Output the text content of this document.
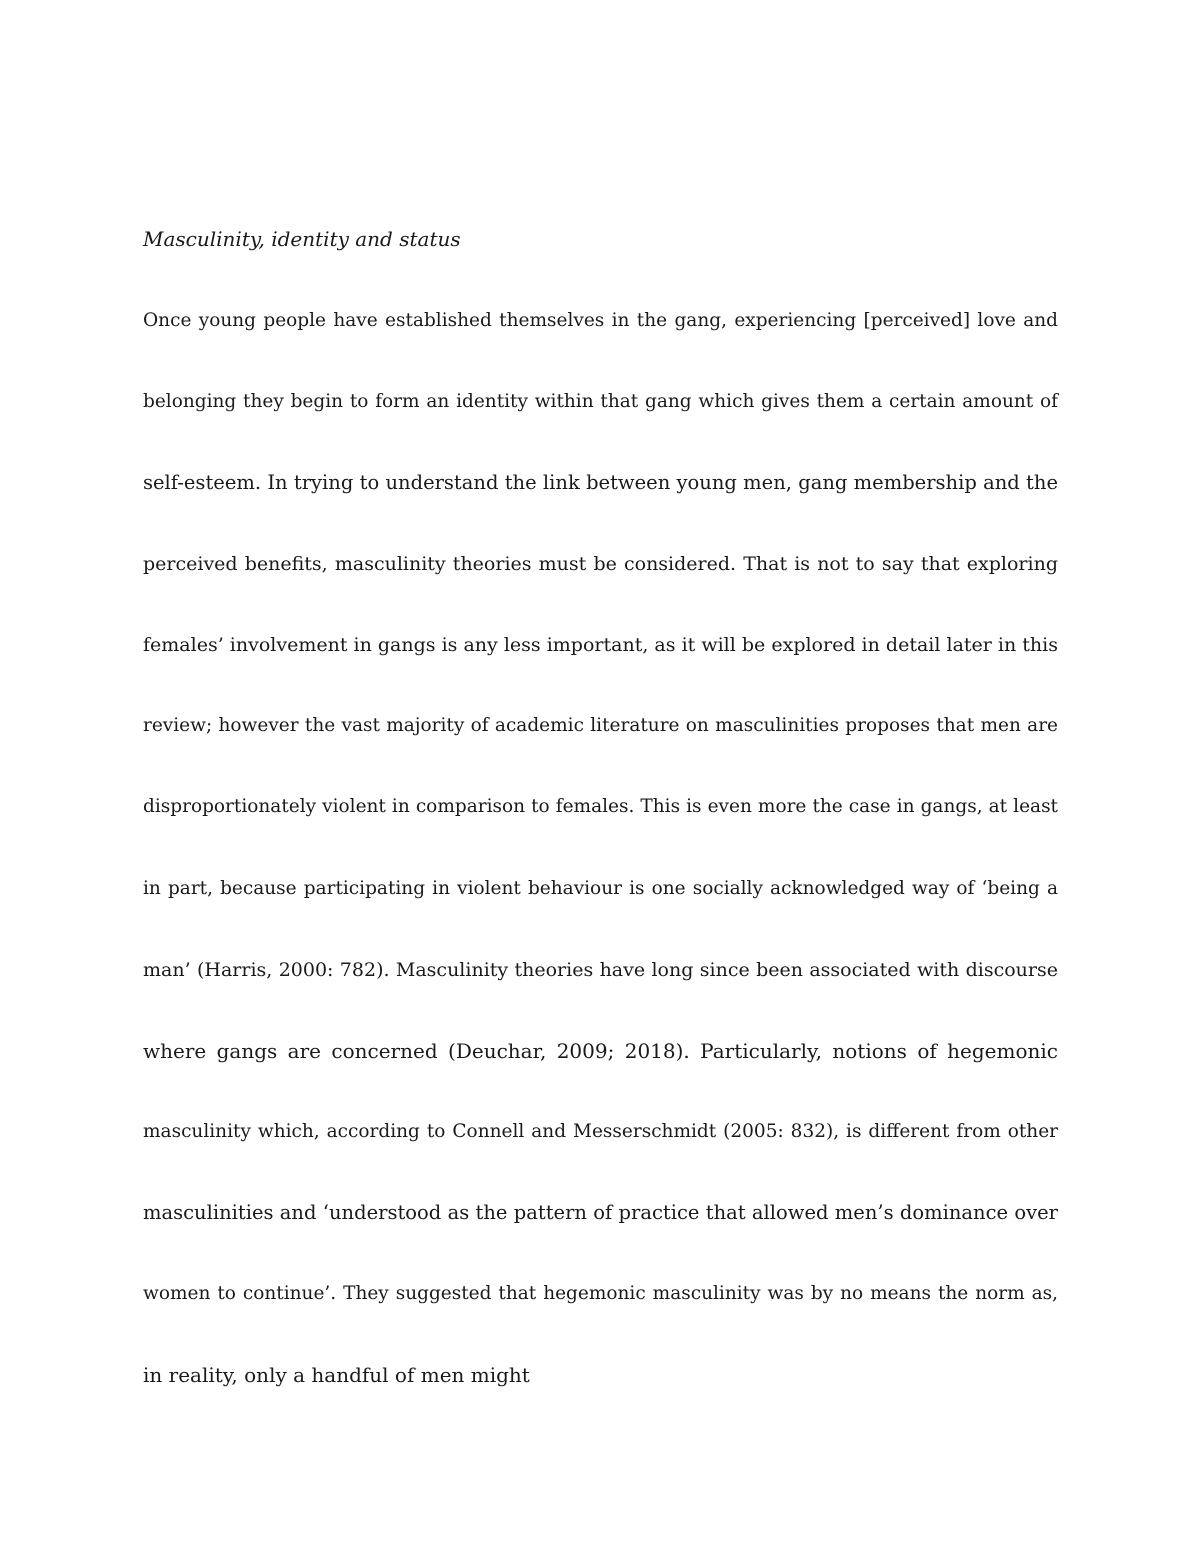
Masculinity, identity and status
Once young people have established themselves in the gang, experiencing [perceived] love and
belonging they begin to form an identity within that gang which gives them a certain amount of
self-esteem. In trying to understand the link between young men, gang membership and the
perceived benefits, masculinity theories must be considered. That is not to say that exploring
females’ involvement in gangs is any less important, as it will be explored in detail later in this
review; however the vast majority of academic literature on masculinities proposes that men are
disproportionately violent in comparison to females. This is even more the case in gangs, at least
in part, because participating in violent behaviour is one socially acknowledged way of ‘being a
man’ (Harris, 2000: 782). Masculinity theories have long since been associated with discourse
where gangs are concerned (Deuchar, 2009; 2018). Particularly, notions of hegemonic
masculinity which, according to Connell and Messerschmidt (2005: 832), is different from other
masculinities and ‘understood as the pattern of practice that allowed men’s dominance over
women to continue’. They suggested that hegemonic masculinity was by no means the norm as,
in reality, only a handful of men might
